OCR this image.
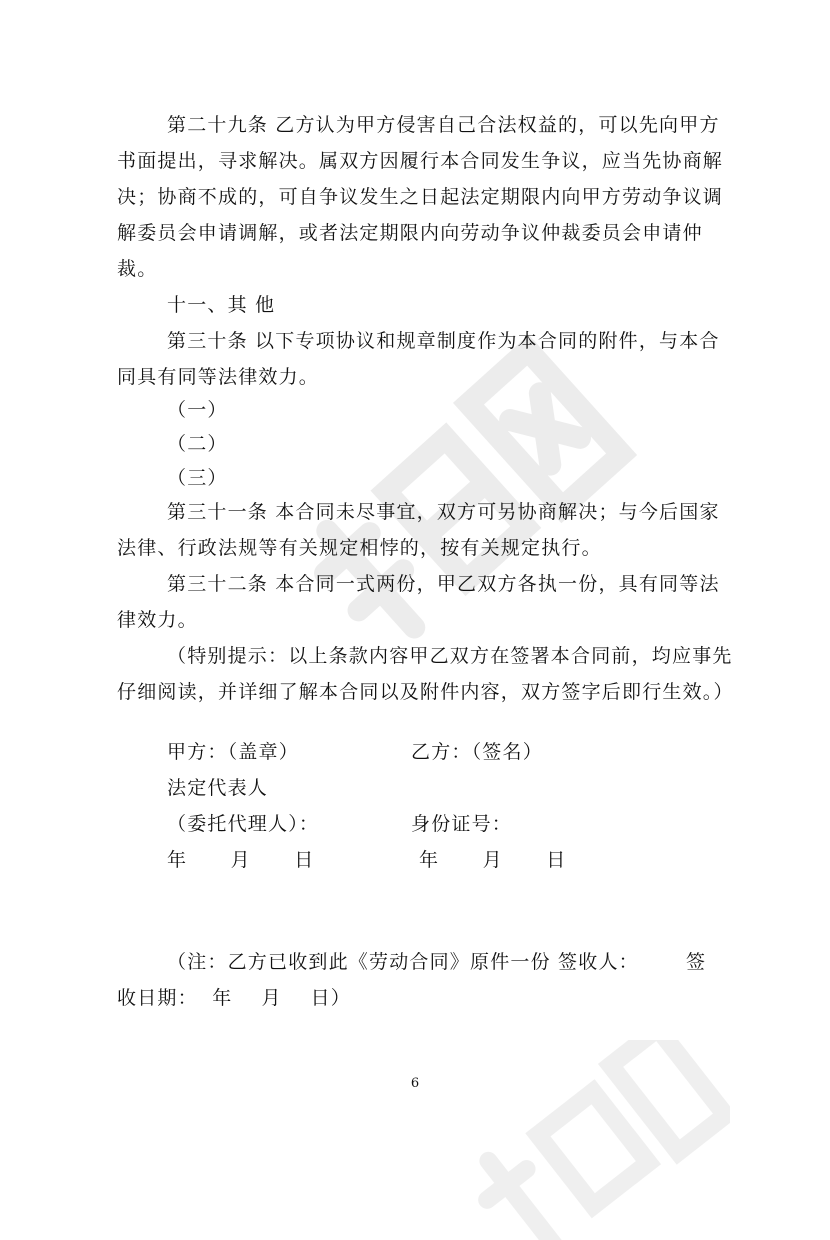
第二十九条 乙方认为甲方侵害自己合法权益的，可以先向甲方
书面提出，寻求解决。属双方因履行本合同发生争议，应当先协商解
决；协商不成的，可自争议发生之日起法定期限内向甲方劳动争议调
解委员会申请调解，或者法定期限内向劳动争议仲裁委员会申请仲
裁。
十一、其 他
第三十条 以下专项协议和规章制度作为本合同的附件，与本合
同具有同等法律效力。
（一）
（二）
（三）
第三十一条 本合同未尽事宜，双方可另协商解决；与今后国家
法律、行政法规等有关规定相悖的，按有关规定执行。
第三十二条 本合同一式两份，甲乙双方各执一份，具有同等法
律效力。
（特别提示：以上条款内容甲乙双方在签署本合同前，均应事先
仔细阅读，并详细了解本合同以及附件内容，双方签字后即行生效。）
甲方：（盖章）	乙方：（签名）
法定代表人
（委托代理人）：	身份证号：
年      月      日	年      月      日
（注：乙方已收到此《劳动合同》原件一份 签收人： 签
收日期：  年    月    日）
6
